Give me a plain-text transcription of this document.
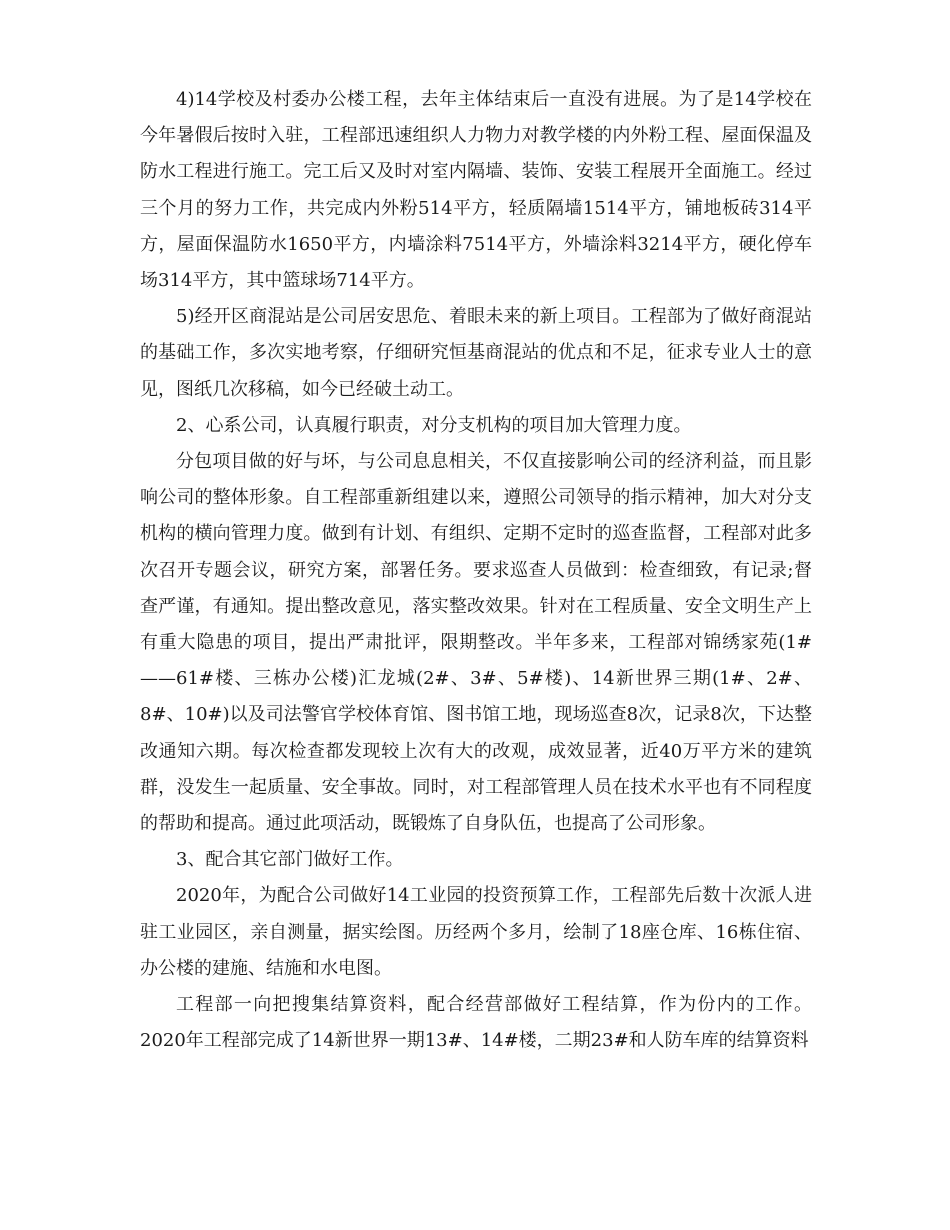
4)14学校及村委办公楼工程，去年主体结束后一直没有进展。为了是14学校在今年暑假后按时入驻，工程部迅速组织人力物力对教学楼的内外粉工程、屋面保温及防水工程进行施工。完工后又及时对室内隔墙、装饰、安装工程展开全面施工。经过三个月的努力工作，共完成内外粉514平方，轻质隔墙1514平方，铺地板砖314平方，屋面保温防水1650平方，内墙涂料7514平方，外墙涂料3214平方，硬化停车场314平方，其中篮球场714平方。

5)经开区商混站是公司居安思危、着眼未来的新上项目。工程部为了做好商混站的基础工作，多次实地考察，仔细研究恒基商混站的优点和不足，征求专业人士的意见，图纸几次移稿，如今已经破土动工。

2、心系公司，认真履行职责，对分支机构的项目加大管理力度。

分包项目做的好与坏，与公司息息相关，不仅直接影响公司的经济利益，而且影响公司的整体形象。自工程部重新组建以来，遵照公司领导的指示精神，加大对分支机构的横向管理力度。做到有计划、有组织、定期不定时的巡查监督，工程部对此多次召开专题会议，研究方案，部署任务。要求巡查人员做到：检查细致，有记录;督查严谨，有通知。提出整改意见，落实整改效果。针对在工程质量、安全文明生产上有重大隐患的项目，提出严肃批评，限期整改。半年多来，工程部对锦绣家苑(1#——61#楼、三栋办公楼)汇龙城(2#、3#、5#楼)、14新世界三期(1#、2#、8#、10#)以及司法警官学校体育馆、图书馆工地，现场巡查8次，记录8次，下达整改通知六期。每次检查都发现较上次有大的改观，成效显著，近40万平方米的建筑群，没发生一起质量、安全事故。同时，对工程部管理人员在技术水平也有不同程度的帮助和提高。通过此项活动，既锻炼了自身队伍，也提高了公司形象。

3、配合其它部门做好工作。

2020年，为配合公司做好14工业园的投资预算工作，工程部先后数十次派人进驻工业园区，亲自测量，据实绘图。历经两个多月，绘制了18座仓库、16栋住宿、办公楼的建施、结施和水电图。

工程部一向把搜集结算资料，配合经营部做好工程结算，作为份内的工作。2020年工程部完成了14新世界一期13#、14#楼，二期23#和人防车库的结算资料
